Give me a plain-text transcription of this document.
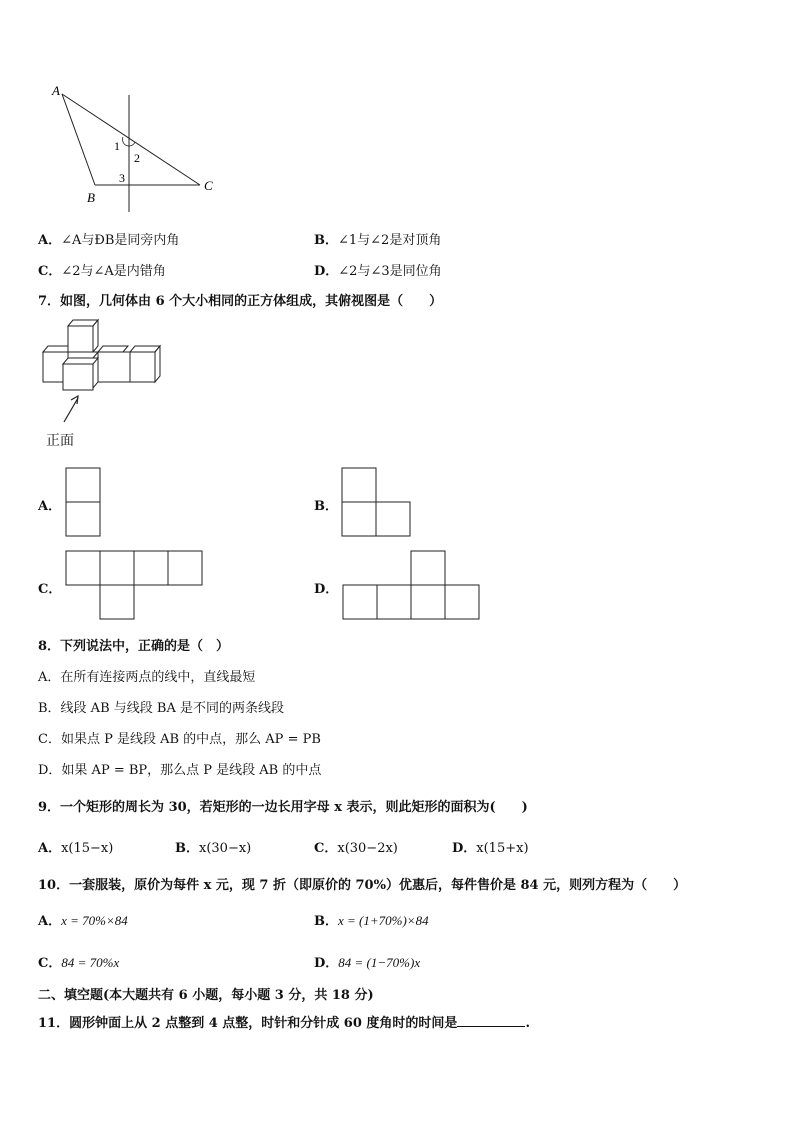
A
B
C
1
2
3
A．∠A与ÐB是同旁内角	B．∠1与∠2是对顶角
C．∠2与∠A是内错角	D．∠2与∠3是同位角
7．如图，几何体由 6 个大小相同的正方体组成，其俯视图是（　　）
正面
A．	B．
C．	D．
8．下列说法中，正确的是（　）
A．在所有连接两点的线中，直线最短
B．线段 AB 与线段 BA 是不同的两条线段
C．如果点 P 是线段 AB 的中点，那么 AP = PB
D．如果 AP = BP，那么点 P 是线段 AB 的中点
9．一个矩形的周长为 30，若矩形的一边长用字母 x 表示，则此矩形的面积为(　　)
A．x(15−x)	B．x(30−x)	C．x(30−2x)	D．x(15+x)
10．一套服装，原价为每件 x 元，现 7 折（即原价的 70%）优惠后，每件售价是 84 元，则列方程为（　　）
A．x = 70%×84	B．x = (1+70%)×84
C．84 = 70%x	D．84 = (1−70%)x
二、填空题(本大题共有 6 小题，每小题 3 分，共 18 分)
11．圆形钟面上从 2 点整到 4 点整，时针和分针成 60 度角时的时间是	.
